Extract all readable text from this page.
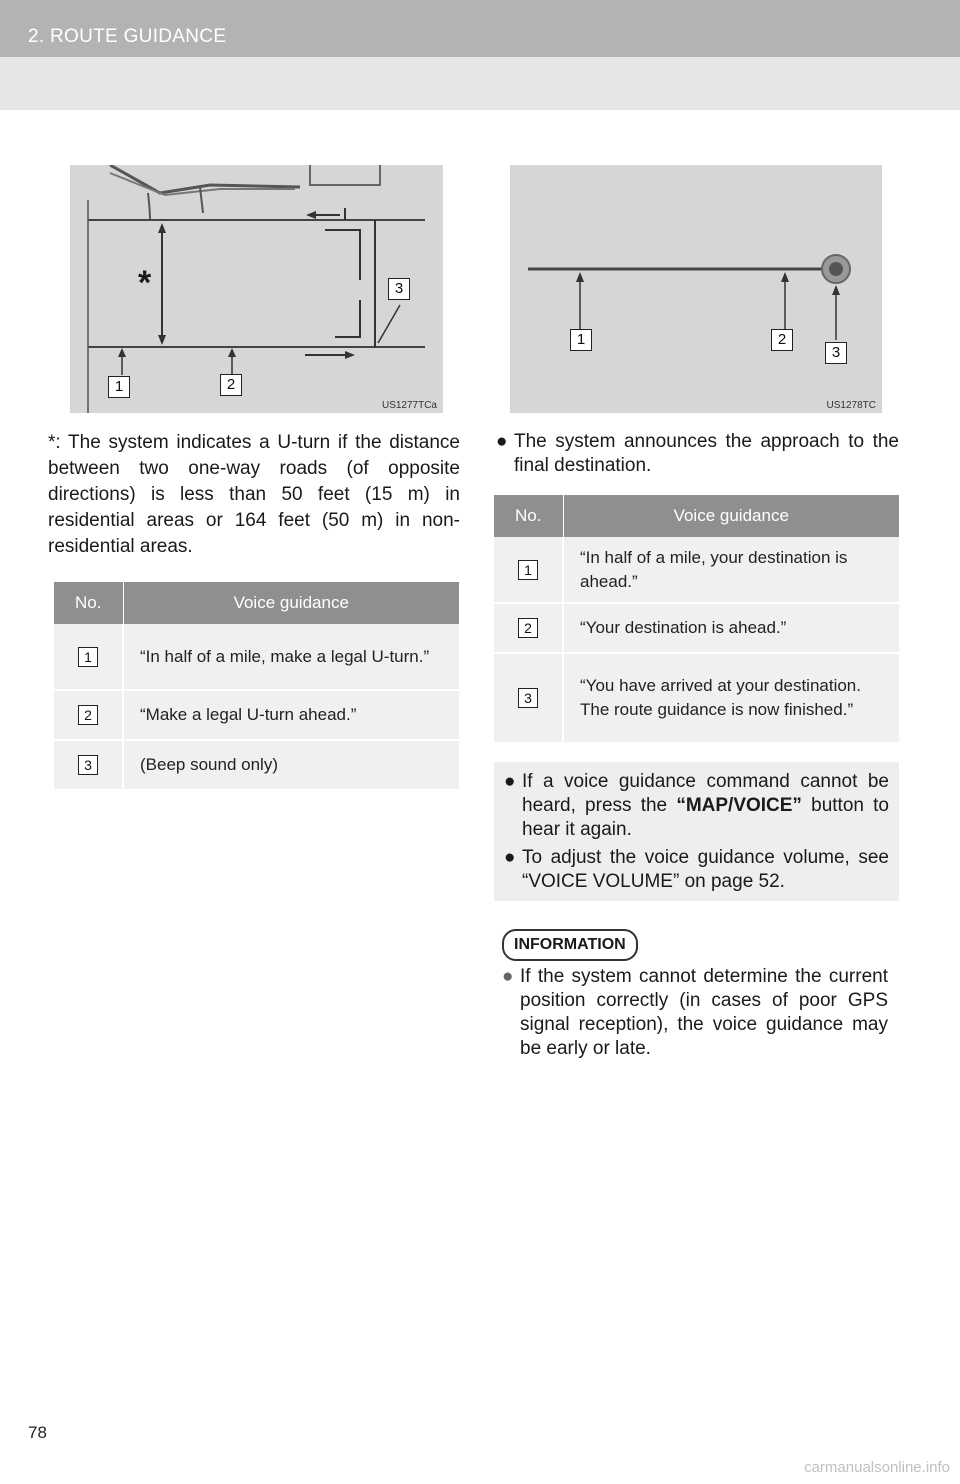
2. ROUTE GUIDANCE
*
1	2
3
US1277TCa
1	2
3
US1278TC
*: The system indicates a U-turn if the distance between two one-way roads (of opposite directions) is less than 50 feet (15 m) in residential areas or 164 feet (50 m) in non-residential areas.
No.	Voice guidance
1	“In half of a mile, make a legal U-turn.”
2	“Make a legal U-turn ahead.”
3	(Beep sound only)
● The system announces the approach to the final destination.
No.	Voice guidance
1	“In half of a mile, your destination is ahead.”
2	“Your destination is ahead.”
3	“You have arrived at your destination. The route guidance is now finished.”
● If a voice guidance command cannot be heard, press the “MAP/VOICE” button to hear it again.
● To adjust the voice guidance volume, see “VOICE VOLUME” on page 52.
INFORMATION
● If the system cannot determine the current position correctly (in cases of poor GPS signal reception), the voice guidance may be early or late.
78
carmanualsonline.info
